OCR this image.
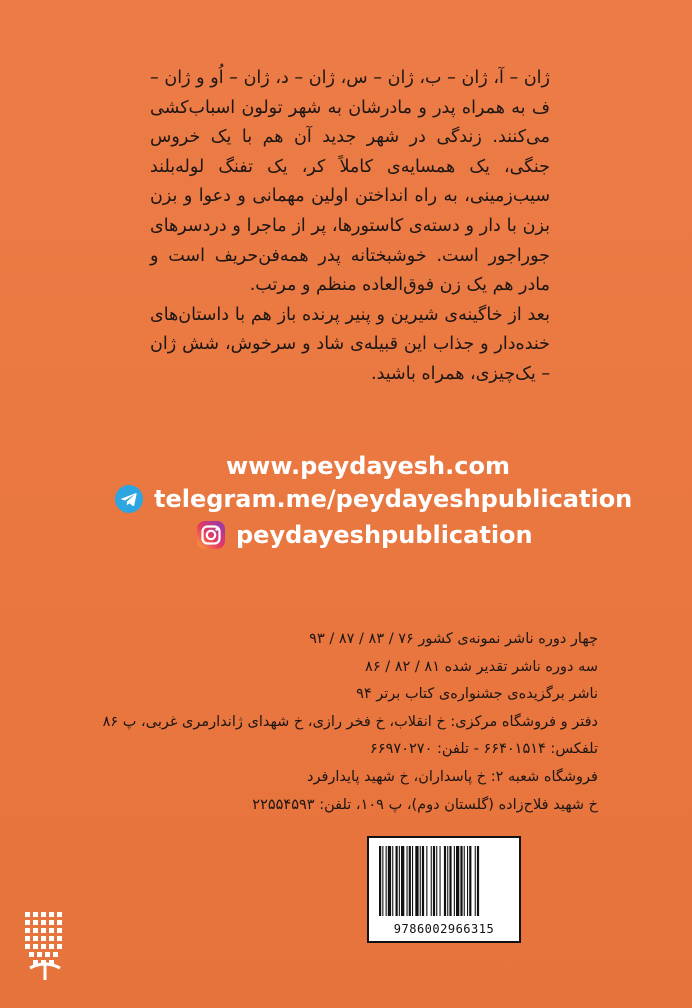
ژان – آ، ژان – ب، ژان – س، ژان – د، ژان – اُو و ژان – ف به همراه پدر و مادرشان به شهر تولون اسباب‌کشی می‌کنند. زندگی در شهر جدید آن هم با یک خروس جنگی، یک همسایه‌ی کاملاً کر، یک تفنگ لوله‌بلند سیب‌زمینی، به راه انداختن اولین مهمانی و دعوا و بزن بزن با دار و دسته‌ی کاستورها، پر از ماجرا و دردسرهای جوراجور است. خوشبختانه پدر همه‌فن‌حریف است و مادر هم یک زن فوق‌العاده منظم و مرتب.

بعد از خاگینه‌ی شیرین و پنیر پرنده باز هم با داستان‌های خنده‌دار و جذاب این قبیله‌ی شاد و سرخوش، شش ژان – یک‌چیزی، همراه باشید.

www.peydayesh.com
telegram.me/peydayeshpublication
peydayeshpublication
چهار دوره ناشر نمونه‌ی کشور ۷۶ / ۸۳ / ۸۷ / ۹۳
سه دوره ناشر تقدیر شده ۸۱ / ۸۲ / ۸۶
ناشر برگزیده‌ی جشنواره‌ی کتاب برتر ۹۴
دفتر و فروشگاه مرکزی: خ انقلاب، خ فخر رازی، خ شهدای ژاندارمری غربی، پ ۸۶
تلفکس: ۶۶۴۰۱۵۱۴ - تلفن: ۶۶۹۷۰۲۷۰
فروشگاه شعبه ۲: خ پاسداران، خ شهید پایدارفرد
خ شهید فلاح‌زاده (گلستان دوم)، پ ۱۰۹، تلفن: ۲۲۵۵۴۵۹۳
9786002966315
